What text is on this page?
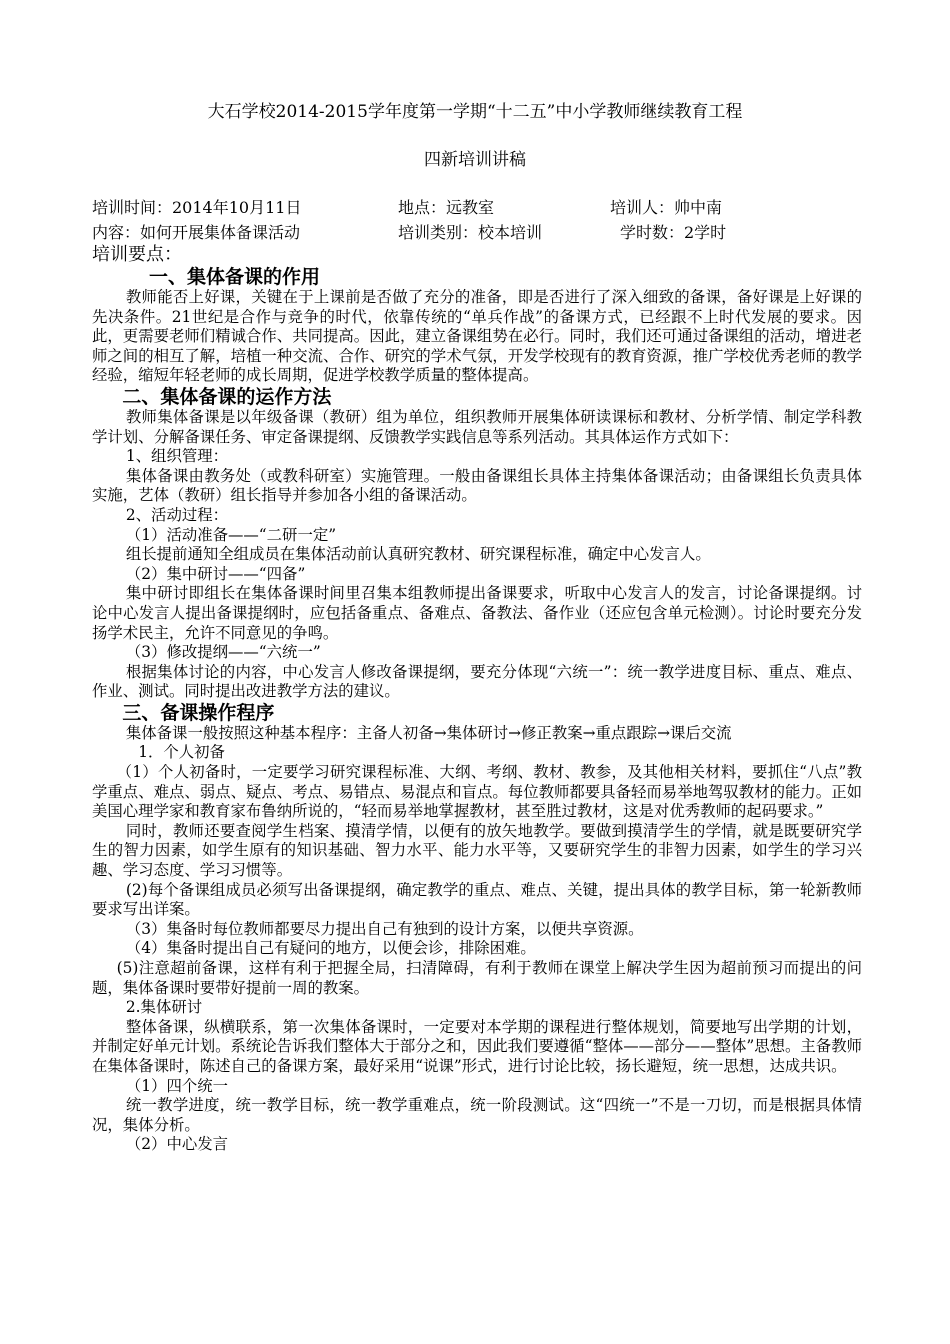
大石学校2014-2015学年度第一学期“十二五”中小学教师继续教育工程
四新培训讲稿
培训时间：2014年10月11日	地点：远教室	培训人：帅中南
内容：如何开展集体备课活动	培训类别：校本培训	学时数：2学时
培训要点：

一、集体备课的作用

教师能否上好课，关键在于上课前是否做了充分的准备，即是否进行了深入细致的备课，备好课是上好课的先决条件。21世纪是合作与竞争的时代，依靠传统的“单兵作战”的备课方式，已经跟不上时代发展的要求。因此，更需要老师们精诚合作、共同提高。因此，建立备课组势在必行。同时，我们还可通过备课组的活动，增进老师之间的相互了解，培植一种交流、合作、研究的学术气氛，开发学校现有的教育资源，推广学校优秀老师的教学经验，缩短年轻老师的成长周期，促进学校教学质量的整体提高。

二、集体备课的运作方法

教师集体备课是以年级备课（教研）组为单位，组织教师开展集体研读课标和教材、分析学情、制定学科教学计划、分解备课任务、审定备课提纲、反馈教学实践信息等系列活动。其具体运作方式如下：

1、组织管理：

集体备课由教务处（或教科研室）实施管理。一般由备课组长具体主持集体备课活动；由备课组长负责具体实施，艺体（教研）组长指导并参加各小组的备课活动。

2、活动过程：

（1）活动准备——“二研一定”

组长提前通知全组成员在集体活动前认真研究教材、研究课程标准，确定中心发言人。

（2）集中研讨——“四备”

集中研讨即组长在集体备课时间里召集本组教师提出备课要求，听取中心发言人的发言，讨论备课提纲。讨论中心发言人提出备课提纲时，应包括备重点、备难点、备教法、备作业（还应包含单元检测）。讨论时要充分发扬学术民主，允许不同意见的争鸣。

（3）修改提纲——“六统一”

根据集体讨论的内容，中心发言人修改备课提纲，要充分体现“六统一”：统一教学进度目标、重点、难点、作业、测试。同时提出改进教学方法的建议。

三、备课操作程序

集体备课一般按照这种基本程序：主备人初备→集体研讨→修正教案→重点跟踪→课后交流

1．个人初备

（1）个人初备时，一定要学习研究课程标准、大纲、考纲、教材、教参，及其他相关材料，要抓住“八点”教学重点、难点、弱点、疑点、考点、易错点、易混点和盲点。每位教师都要具备轻而易举地驾驭教材的能力。正如美国心理学家和教育家布鲁纳所说的，“轻而易举地掌握教材，甚至胜过教材，这是对优秀教师的起码要求。”

同时，教师还要查阅学生档案、摸清学情，以便有的放矢地教学。要做到摸清学生的学情，就是既要研究学生的智力因素，如学生原有的知识基础、智力水平、能力水平等，又要研究学生的非智力因素，如学生的学习兴趣、学习态度、学习习惯等。

(2)每个备课组成员必须写出备课提纲，确定教学的重点、难点、关键，提出具体的教学目标，第一轮新教师要求写出详案。

（3）集备时每位教师都要尽力提出自己有独到的设计方案，以便共享资源。

（4）集备时提出自己有疑问的地方，以便会诊，排除困难。

(5)注意超前备课，这样有利于把握全局，扫清障碍，有利于教师在课堂上解决学生因为超前预习而提出的问题，集体备课时要带好提前一周的教案。

2.集体研讨

整体备课，纵横联系，第一次集体备课时，一定要对本学期的课程进行整体规划，简要地写出学期的计划，并制定好单元计划。系统论告诉我们整体大于部分之和，因此我们要遵循“整体——部分——整体”思想。主备教师在集体备课时，陈述自己的备课方案，最好采用“说课”形式，进行讨论比较，扬长避短，统一思想，达成共识。

（1）四个统一

统一教学进度，统一教学目标，统一教学重难点，统一阶段测试。这“四统一”不是一刀切，而是根据具体情况，集体分析。

（2）中心发言
